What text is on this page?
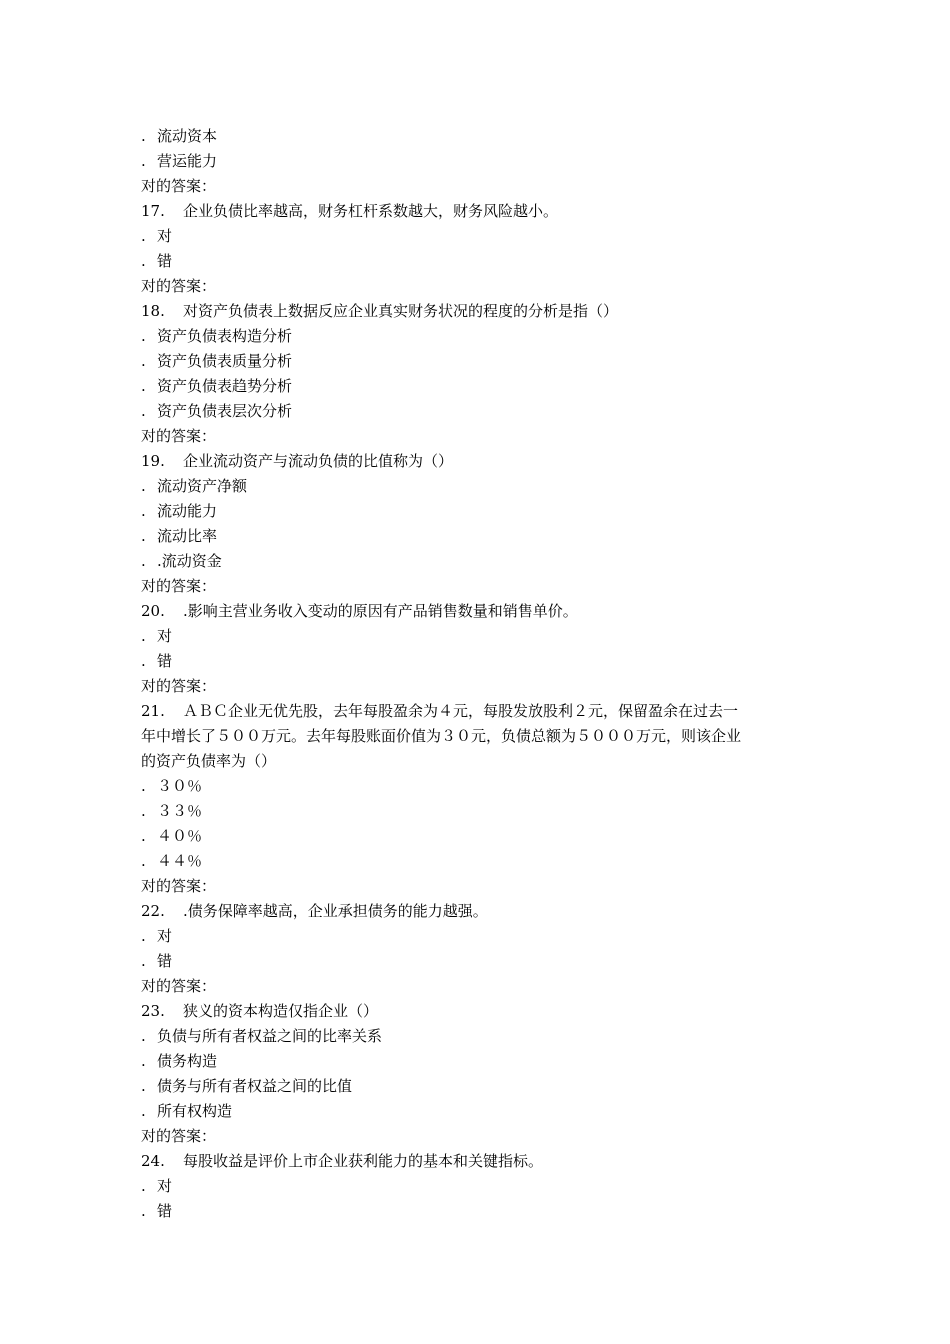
. 流动资本
. 营运能力
对的答案：
17. 企业负债比率越高，财务杠杆系数越大，财务风险越小。
. 对
. 错
对的答案：
18. 对资产负债表上数据反应企业真实财务状况的程度的分析是指（）
. 资产负债表构造分析
. 资产负债表质量分析
. 资产负债表趋势分析
. 资产负债表层次分析
对的答案：
19. 企业流动资产与流动负债的比值称为（）
. 流动资产净额
. 流动能力
. 流动比率
. .流动资金
对的答案：
20. .影响主营业务收入变动的原因有产品销售数量和销售单价。
. 对
. 错
对的答案：
21. ＡＢＣ企业无优先股，去年每股盈余为４元，每股发放股利２元，保留盈余在过去一
年中增长了５００万元。去年每股账面价值为３０元，负债总额为５０００万元，则该企业
的资产负债率为（）
. ３０％
. ３３％
. ４０％
. ４４％
对的答案：
22. .债务保障率越高，企业承担债务的能力越强。
. 对
. 错
对的答案：
23. 狭义的资本构造仅指企业（）
. 负债与所有者权益之间的比率关系
. 债务构造
. 债务与所有者权益之间的比值
. 所有权构造
对的答案：
24. 每股收益是评价上市企业获利能力的基本和关键指标。
. 对
. 错
